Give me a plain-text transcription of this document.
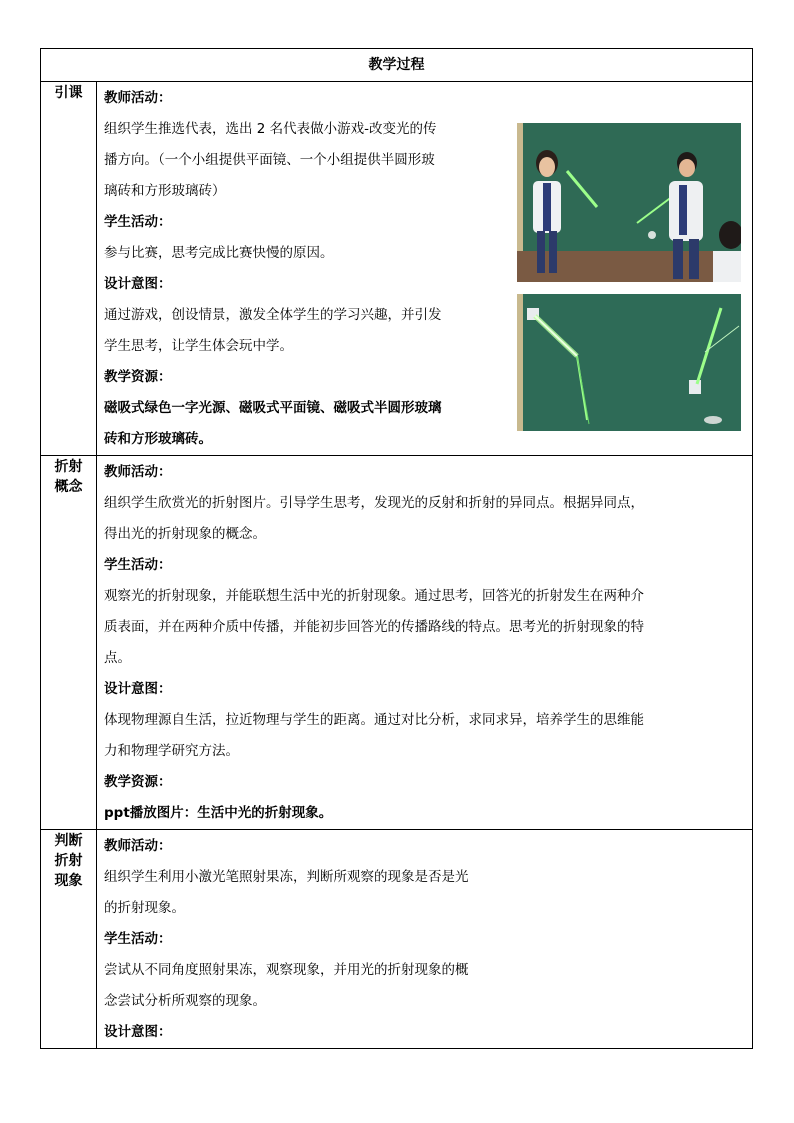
教学过程
引课	教师活动：
组织学生推选代表，选出 2 名代表做小游戏-改变光的传
播方向。（一个小组提供平面镜、一个小组提供半圆形玻
璃砖和方形玻璃砖）
学生活动：
参与比赛，思考完成比赛快慢的原因。
设计意图：
通过游戏，创设情景，激发全体学生的学习兴趣，并引发
学生思考，让学生体会玩中学。
教学资源：
磁吸式绿色一字光源、磁吸式平面镜、磁吸式半圆形玻璃
砖和方形玻璃砖。
折射
概念
教师活动：
组织学生欣赏光的折射图片。引导学生思考，发现光的反射和折射的异同点。根据异同点，
得出光的折射现象的概念。
学生活动：
观察光的折射现象，并能联想生活中光的折射现象。通过思考，回答光的折射发生在两种介
质表面，并在两种介质中传播，并能初步回答光的传播路线的特点。思考光的折射现象的特
点。
设计意图：
体现物理源自生活，拉近物理与学生的距离。通过对比分析，求同求异，培养学生的思维能
力和物理学研究方法。
教学资源：
ppt播放图片：生活中光的折射现象。
判断
折射
现象
教师活动：
组织学生利用小激光笔照射果冻，判断所观察的现象是否是光
的折射现象。
学生活动：
尝试从不同角度照射果冻，观察现象，并用光的折射现象的概
念尝试分析所观察的现象。
设计意图：
